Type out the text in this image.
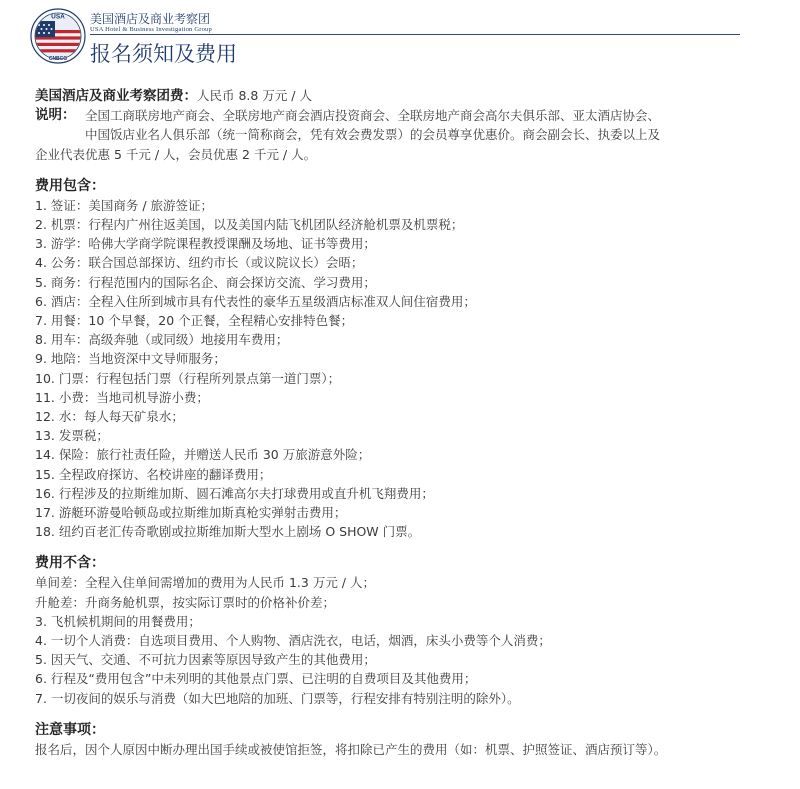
USA
CNBCG
美国酒店及商业考察团
USA Hotel & Business Investigation Group
报名须知及费用
美国酒店及商业考察团费：人民币 8.8 万元 / 人
说明： 全国工商联房地产商会、全联房地产商会酒店投资商会、全联房地产商会高尔夫俱乐部、亚太酒店协会、
中国饭店业名人俱乐部（统一简称商会，凭有效会费发票）的会员尊享优惠价。商会副会长、执委以上及
企业代表优惠 5 千元 / 人，会员优惠 2 千元 / 人。
费用包含：
1. 签证：美国商务 / 旅游签证；
2. 机票：行程内广州往返美国，以及美国内陆飞机团队经济舱机票及机票税；
3. 游学：哈佛大学商学院课程教授课酬及场地、证书等费用；
4. 公务：联合国总部探访、纽约市长（或议院议长）会晤；
5. 商务：行程范围内的国际名企、商会探访交流、学习费用；
6. 酒店：全程入住所到城市具有代表性的豪华五星级酒店标准双人间住宿费用；
7. 用餐：10 个早餐，20 个正餐，全程精心安排特色餐；
8. 用车：高级奔驰（或同级）地接用车费用；
9. 地陪：当地资深中文导师服务；
10. 门票：行程包括门票（行程所列景点第一道门票）；
11. 小费：当地司机导游小费；
12. 水：每人每天矿泉水；
13. 发票税；
14. 保险：旅行社责任险，并赠送人民币 30 万旅游意外险；
15. 全程政府探访、名校讲座的翻译费用；
16. 行程涉及的拉斯维加斯、圆石滩高尔夫打球费用或直升机飞翔费用；
17. 游艇环游曼哈顿岛或拉斯维加斯真枪实弹射击费用；
18. 纽约百老汇传奇歌剧或拉斯维加斯大型水上剧场 O SHOW 门票。
费用不含：
单间差：全程入住单间需增加的费用为人民币 1.3 万元 / 人；
升舱差：升商务舱机票，按实际订票时的价格补价差；
3. 飞机候机期间的用餐费用；
4. 一切个人消费：自选项目费用、个人购物、酒店洗衣，电话，烟酒，床头小费等个人消费；
5. 因天气、交通、不可抗力因素等原因导致产生的其他费用；
6. 行程及“费用包含”中未列明的其他景点门票、已注明的自费项目及其他费用；
7. 一切夜间的娱乐与消费（如大巴地陪的加班、门票等，行程安排有特别注明的除外）。
注意事项：
报名后，因个人原因中断办理出国手续或被使馆拒签，将扣除已产生的费用（如：机票、护照签证、酒店预订等）。
